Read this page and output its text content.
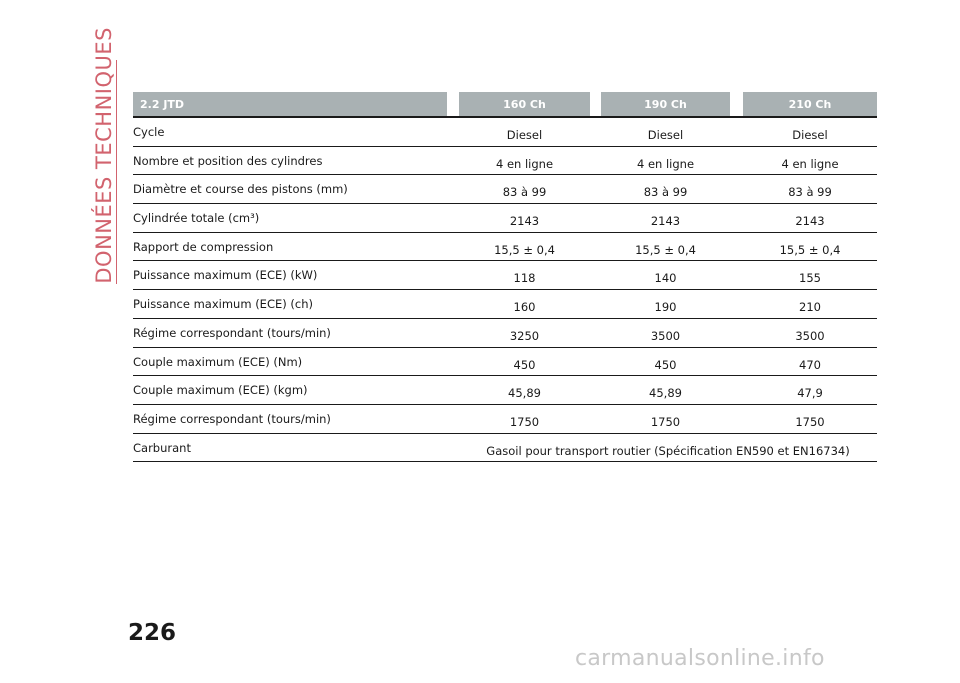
DONNÉES TECHNIQUES	2.2 JTD	160 Ch	190 Ch	210 Ch
Cycle	Diesel	Diesel	Diesel
Nombre et position des cylindres	4 en ligne	4 en ligne	4 en ligne
Diamètre et course des pistons (mm)	83 à 99	83 à 99	83 à 99
Cylindrée totale (cm³)	2143	2143	2143
Rapport de compression	15,5 ± 0,4	15,5 ± 0,4	15,5 ± 0,4
Puissance maximum (ECE) (kW)	118	140	155
Puissance maximum (ECE) (ch)	160	190	210
Régime correspondant (tours/min)	3250	3500	3500
Couple maximum (ECE) (Nm)	450	450	470
Couple maximum (ECE) (kgm)	45,89	45,89	47,9
Régime correspondant (tours/min)	1750	1750	1750
Carburant	Gasoil pour transport routier (Spécification EN590 et EN16734)
226
carmanualsonline.info
